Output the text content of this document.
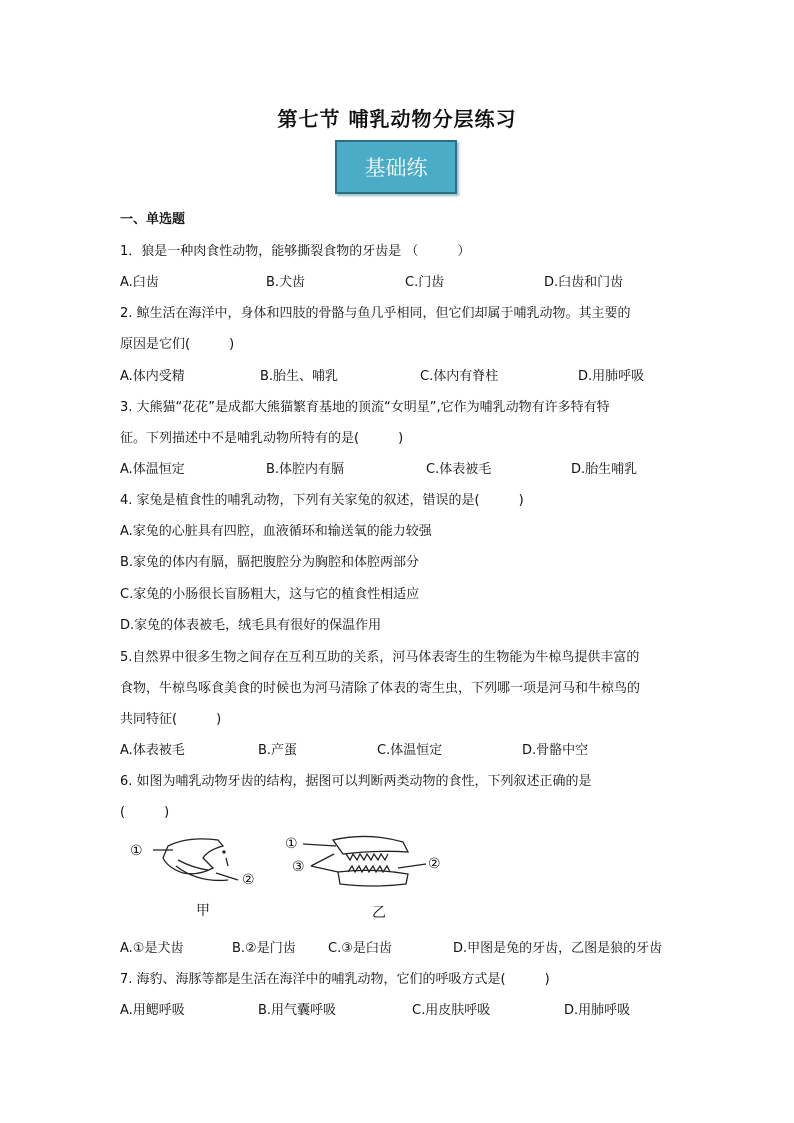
第七节 哺乳动物分层练习
基础练
一、单选题
1．狼是一种肉食性动物，能够撕裂食物的牙齿是 （　　　）
A.臼齿	B.犬齿	C.门齿	D.臼齿和门齿
2. 鲸生活在海洋中，身体和四肢的骨骼与鱼几乎相同，但它们却属于哺乳动物。其主要的
原因是它们(　　　)
A.体内受精	B.胎生、哺乳	C.体内有脊柱	D.用肺呼吸
3. 大熊猫“花花”是成都大熊猫繁育基地的顶流“女明星”,它作为哺乳动物有许多特有特
征。下列描述中不是哺乳动物所特有的是(　　　)
A.体温恒定	B.体腔内有膈	C.体表被毛	D.胎生哺乳
4. 家兔是植食性的哺乳动物，下列有关家兔的叙述，错误的是(　　　)
A.家兔的心脏具有四腔，血液循环和输送氧的能力较强
B.家兔的体内有膈，膈把腹腔分为胸腔和体腔两部分
C.家兔的小肠很长盲肠粗大，这与它的植食性相适应
D.家兔的体表被毛，绒毛具有很好的保温作用
5.自然界中很多生物之间存在互利互助的关系，河马体表寄生的生物能为牛椋鸟提供丰富的
食物，牛椋鸟啄食美食的时候也为河马清除了体表的寄生虫，下列哪一项是河马和牛椋鸟的
共同特征(　　　)
A.体表被毛	B.产蛋	C.体温恒定	D.骨骼中空
6. 如图为哺乳动物牙齿的结构，据图可以判断两类动物的食性，下列叙述正确的是
(　　　)
①
②
①
③	②
甲	乙
A.①是犬齿	B.②是门齿 C.③是臼齿	D.甲图是兔的牙齿，乙图是狼的牙齿
7. 海豹、海豚等都是生活在海洋中的哺乳动物，它们的呼吸方式是(　　　)
A.用鳃呼吸	B.用气囊呼吸	C.用皮肤呼吸	D.用肺呼吸
